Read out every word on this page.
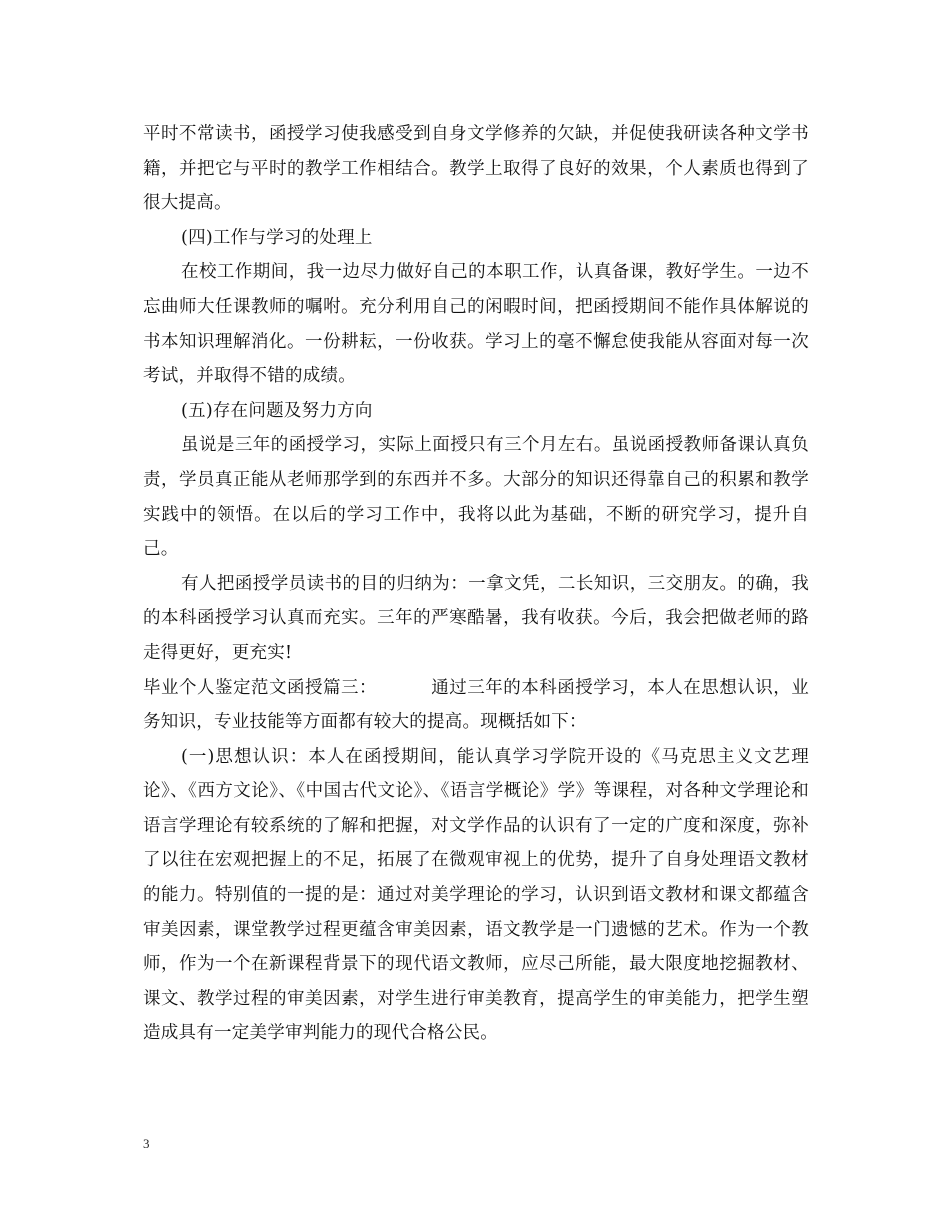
平时不常读书，函授学习使我感受到自身文学修养的欠缺，并促使我研读各种文学书籍，并把它与平时的教学工作相结合。教学上取得了良好的效果，个人素质也得到了很大提高。

(四)工作与学习的处理上

在校工作期间，我一边尽力做好自己的本职工作，认真备课，教好学生。一边不忘曲师大任课教师的嘱咐。充分利用自己的闲暇时间，把函授期间不能作具体解说的书本知识理解消化。一份耕耘，一份收获。学习上的毫不懈怠使我能从容面对每一次考试，并取得不错的成绩。

(五)存在问题及努力方向

虽说是三年的函授学习，实际上面授只有三个月左右。虽说函授教师备课认真负责，学员真正能从老师那学到的东西并不多。大部分的知识还得靠自己的积累和教学实践中的领悟。在以后的学习工作中，我将以此为基础，不断的研究学习，提升自己。

有人把函授学员读书的目的归纳为：一拿文凭，二长知识，三交朋友。的确，我的本科函授学习认真而充实。三年的严寒酷暑，我有收获。今后，我会把做老师的路走得更好，更充实!

毕业个人鉴定范文函授篇三：	通过三年的本科函授学习，本人在思想认识，业务知识，专业技能等方面都有较大的提高。现概括如下：

(一)思想认识：本人在函授期间，能认真学习学院开设的《马克思主义文艺理论》、《西方文论》、《中国古代文论》、《语言学概论》学》等课程，对各种文学理论和语言学理论有较系统的了解和把握，对文学作品的认识有了一定的广度和深度，弥补了以往在宏观把握上的不足，拓展了在微观审视上的优势，提升了自身处理语文教材的能力。特别值的一提的是：通过对美学理论的学习，认识到语文教材和课文都蕴含审美因素，课堂教学过程更蕴含审美因素，语文教学是一门遗憾的艺术。作为一个教师，作为一个在新课程背景下的现代语文教师，应尽己所能，最大限度地挖掘教材、课文、教学过程的审美因素，对学生进行审美教育，提高学生的审美能力，把学生塑造成具有一定美学审判能力的现代合格公民。

3
